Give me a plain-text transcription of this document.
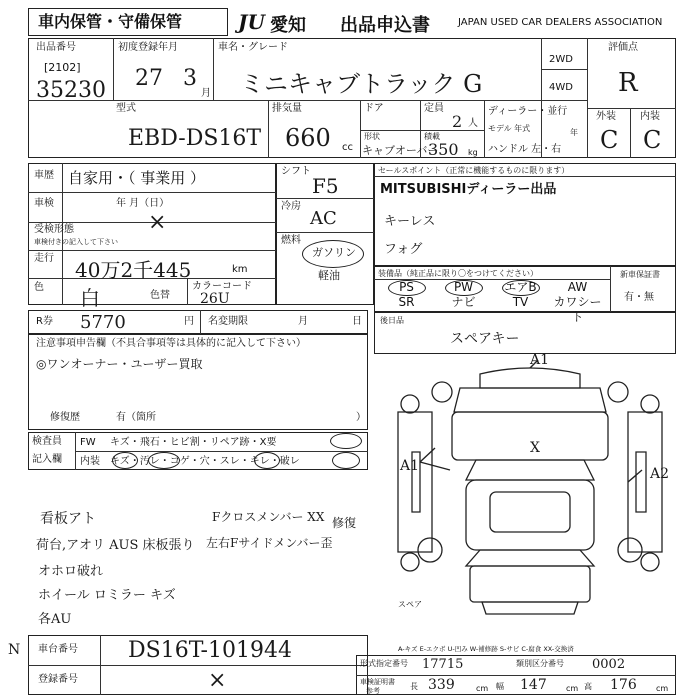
車内保管・守備保管	JU 愛知 出品申込書	JAPAN USED CAR DEALERS ASSOCIATION
出品番号
[2102]
35230
初度登録年月
27 3
月
車名・グレード
ミニキャブトラック G
2WD
4WD
評価点
R
外装 内装
C C
型式
EBD-DS16T
排気量
660 cc
ドア	定員
2 人
形状
キャブオーバー
積載
350 kg
ディーラー・並行
モデル 年式	年
ハンドル 左・右
車歴 自家用・（ 事業用 ）
車検	年 月（日）
受検形態
車検付きの記入して下さい
×
走行 40万2千445	km
色 白	色替
カラーコード
26U
シフト
F5
冷房
AC
燃料
ガソリン
軽油
セールスポイント（正常に機能するものに限ります）
MITSUBISHIディーラー出品
キーレス
フォグ
装備品（純正品に限り〇をつけてください）
PS	PW	エアB	AW
SR	ナビ	TV	カワシート
新車保証書
有・無
R券 5770	円 名変期限	月	日 後日品
スペアキー
注意事項申告欄（不具合事項等は具体的に記入して下さい）
◎ワンオーナー・ユーザー買取
修復歴	有（箇所	）
検査員
記入欄
FW キズ・飛石・ヒビ割・リペア跡・X要
内装 キズ・汚レ・コゲ・穴・スレ・キレ・破レ
看板アト
荷台,アオリ AUS 床板張り
オホロ破れ
ホイール ロミラー キズ
各AU
Fクロスメンバー XX
左右Fサイドメンバー歪
修復
A1
A1	A2
X
スペア
N 車台番号 DS16T-101944
登録番号	×
A-キズ E-エクボ U-凹み W-補修跡 S-サビ C-腐食 XX-交換済
形式指定番号 17715	類別区分番号 0002
車検証明書
参考	長 339	cm 幅 147 cm 高 176 cm
